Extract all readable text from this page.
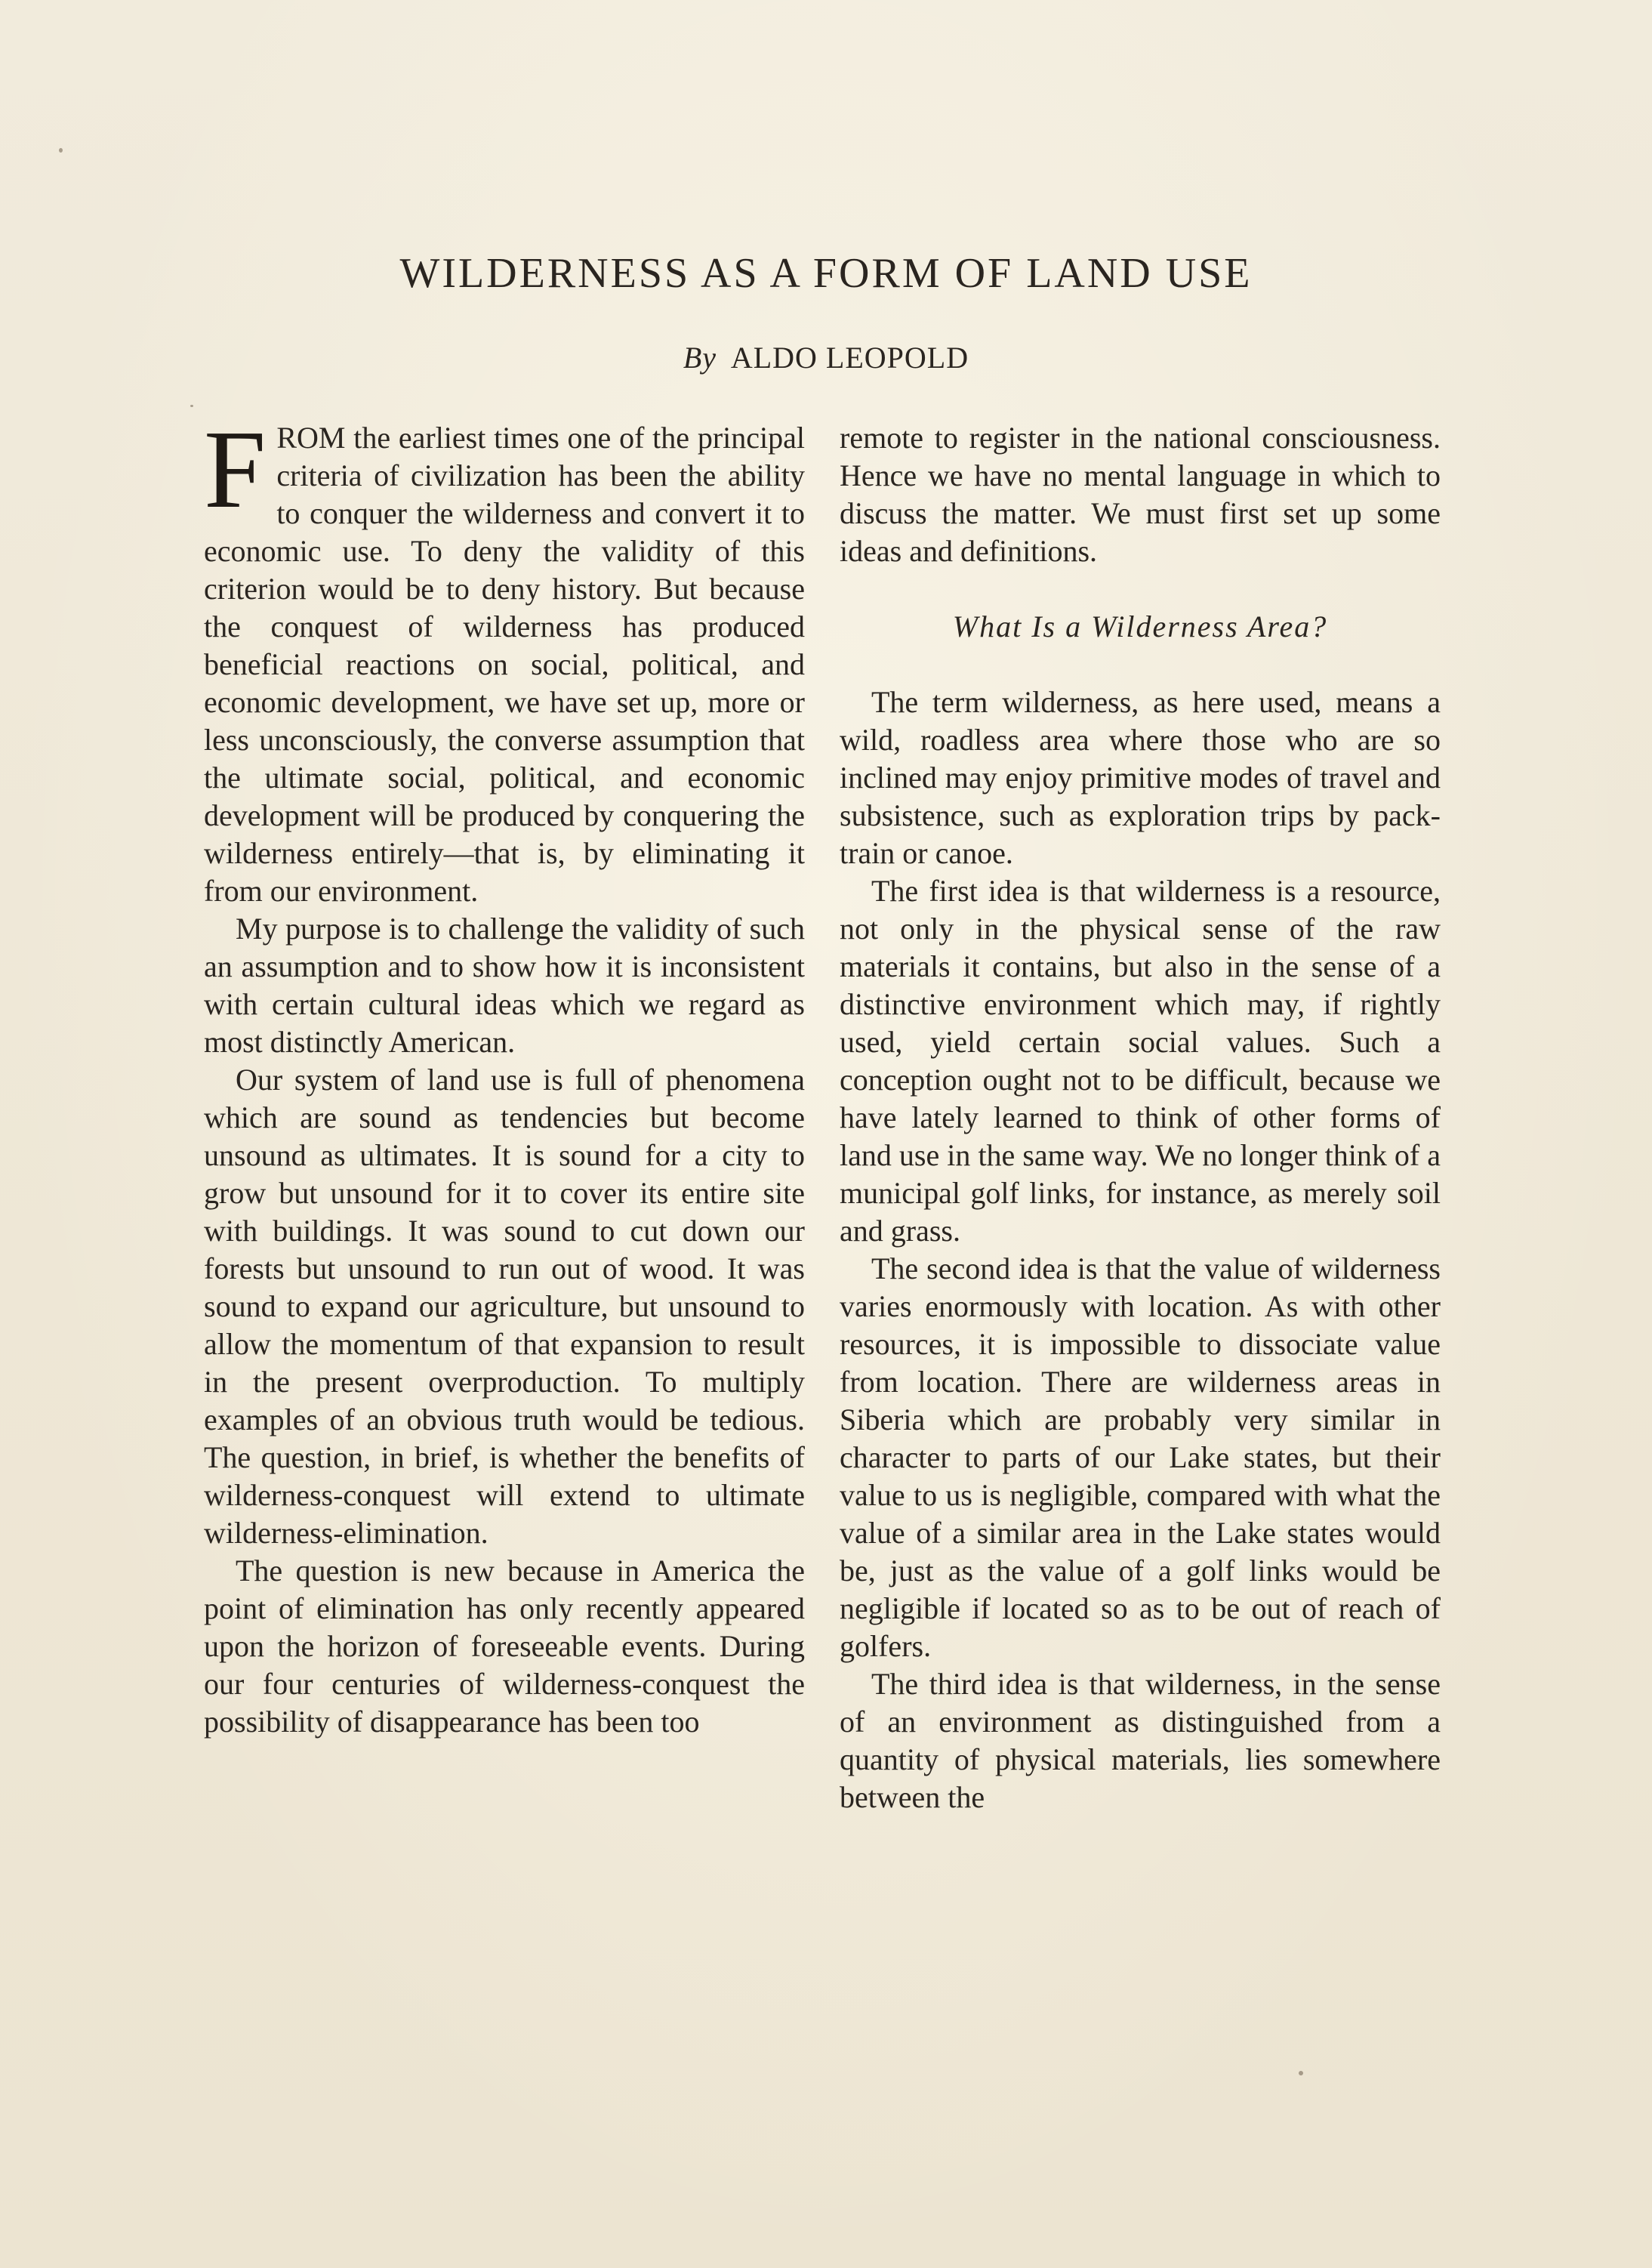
WILDERNESS AS A FORM OF LAND USE
By ALDO LEOPOLD

F ROM the earliest times one of the principal criteria of civilization has been the ability to conquer the wilderness and convert it to economic use. To deny the validity of this criterion would be to deny history. But because the conquest of wilderness has produced beneficial reactions on social, political, and economic development, we have set up, more or less unconsciously, the converse assumption that the ultimate social, political, and economic development will be produced by conquering the wilderness entirely—that is, by eliminating it from our environment.

My purpose is to challenge the validity of such an assumption and to show how it is inconsistent with certain cultural ideas which we regard as most distinctly American.

Our system of land use is full of phenomena which are sound as tendencies but become unsound as ultimates. It is sound for a city to grow but unsound for it to cover its entire site with buildings. It was sound to cut down our forests but unsound to run out of wood. It was sound to expand our agriculture, but unsound to allow the momentum of that expansion to result in the present overproduction. To multiply examples of an obvious truth would be tedious. The question, in brief, is whether the benefits of wilderness-conquest will extend to ultimate wilderness-elimination.

The question is new because in America the point of elimination has only recently appeared upon the horizon of foreseeable events. During our four centuries of wilderness-conquest the possibility of disappearance has been too

remote to register in the national consciousness. Hence we have no mental language in which to discuss the matter. We must first set up some ideas and definitions.

What Is a Wilderness Area?

The term wilderness, as here used, means a wild, roadless area where those who are so inclined may enjoy primitive modes of travel and subsistence, such as exploration trips by pack-train or canoe.

The first idea is that wilderness is a resource, not only in the physical sense of the raw materials it contains, but also in the sense of a distinctive environment which may, if rightly used, yield certain social values. Such a conception ought not to be difficult, because we have lately learned to think of other forms of land use in the same way. We no longer think of a municipal golf links, for instance, as merely soil and grass.

The second idea is that the value of wilderness varies enormously with location. As with other resources, it is impossible to dissociate value from location. There are wilderness areas in Siberia which are probably very similar in character to parts of our Lake states, but their value to us is negligible, compared with what the value of a similar area in the Lake states would be, just as the value of a golf links would be negligible if located so as to be out of reach of golfers.

The third idea is that wilderness, in the sense of an environment as distinguished from a quantity of physical materials, lies somewhere between the
